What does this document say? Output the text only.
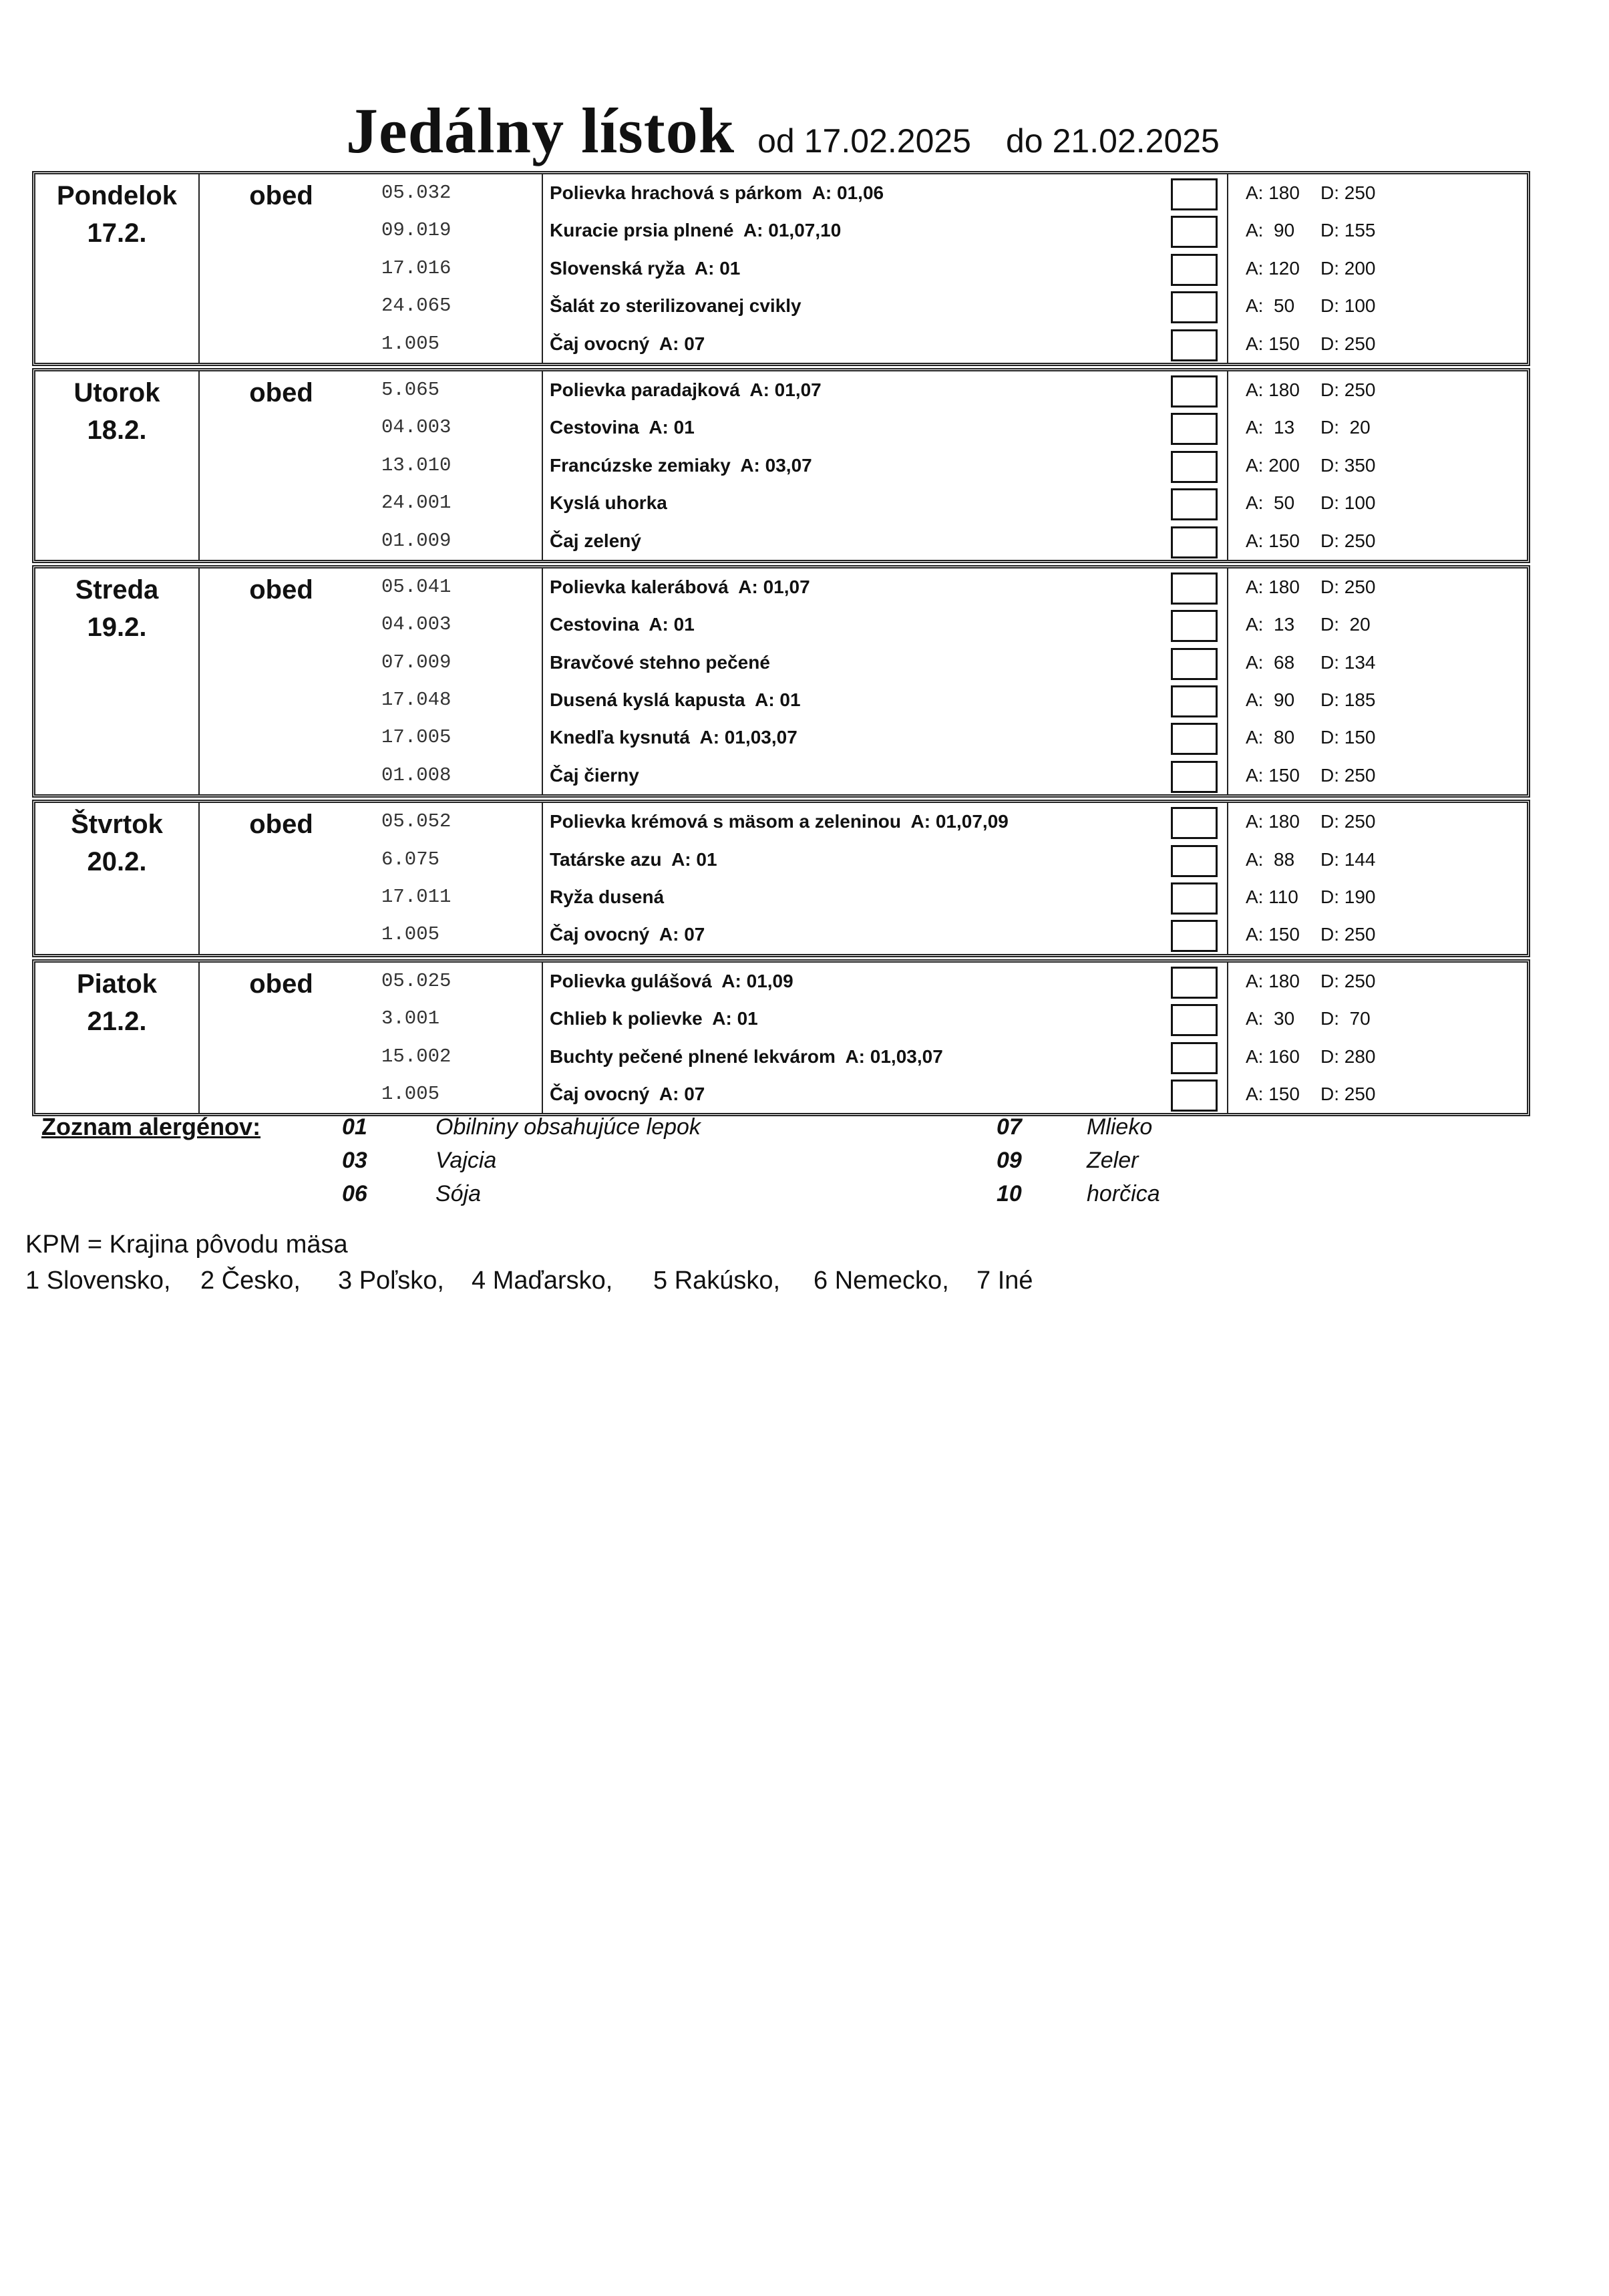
Jedálny lístok od 17.02.2025 do 21.02.2025
Pondelok
17.2.
obed	05.032	Polievka hrachová s párkom  A: 01,06	A: 180 D: 250
09.019	Kuracie prsia plnené  A: 01,07,10	A:  90 D: 155
17.016	Slovenská ryža  A: 01	A: 120 D: 200
24.065	Šalát zo sterilizovanej cvikly	A:  50 D: 100
1.005	Čaj ovocný  A: 07	A: 150 D: 250
Utorok
18.2.
obed	5.065	Polievka paradajková  A: 01,07	A: 180 D: 250
04.003	Cestovina  A: 01	A:  13 D:  20
13.010	Francúzske zemiaky  A: 03,07	A: 200 D: 350
24.001	Kyslá uhorka	A:  50 D: 100
01.009	Čaj zelený	A: 150 D: 250
Streda
19.2.
obed	05.041	Polievka kalerábová  A: 01,07	A: 180 D: 250
04.003	Cestovina  A: 01	A:  13 D:  20
07.009	Bravčové stehno pečené	A:  68 D: 134
17.048	Dusená kyslá kapusta  A: 01	A:  90 D: 185
17.005	Knedľa kysnutá  A: 01,03,07	A:  80 D: 150
01.008	Čaj čierny	A: 150 D: 250
Štvrtok
20.2.
obed	05.052	Polievka krémová s mäsom a zeleninou  A: 01,07,09	A: 180 D: 250
6.075	Tatárske azu  A: 01	A:  88 D: 144
17.011	Ryža dusená	A: 110 D: 190
1.005	Čaj ovocný  A: 07	A: 150 D: 250
Piatok
21.2.
obed	05.025	Polievka gulášová  A: 01,09	A: 180 D: 250
3.001	Chlieb k polievke  A: 01	A:  30 D:  70
15.002	Buchty pečené plnené lekvárom  A: 01,03,07	A: 160 D: 280
1.005	Čaj ovocný  A: 07	A: 150 D: 250
Zoznam alergénov:	01	Obilniny obsahujúce lepok
03	Vajcia
06	Sója
07	Mlieko
09	Zeler
10	horčica
KPM = Krajina pôvodu mäsa
1 Slovensko, 2 Česko, 3 Poľsko, 4 Maďarsko, 5 Rakúsko, 6 Nemecko, 7 Iné
